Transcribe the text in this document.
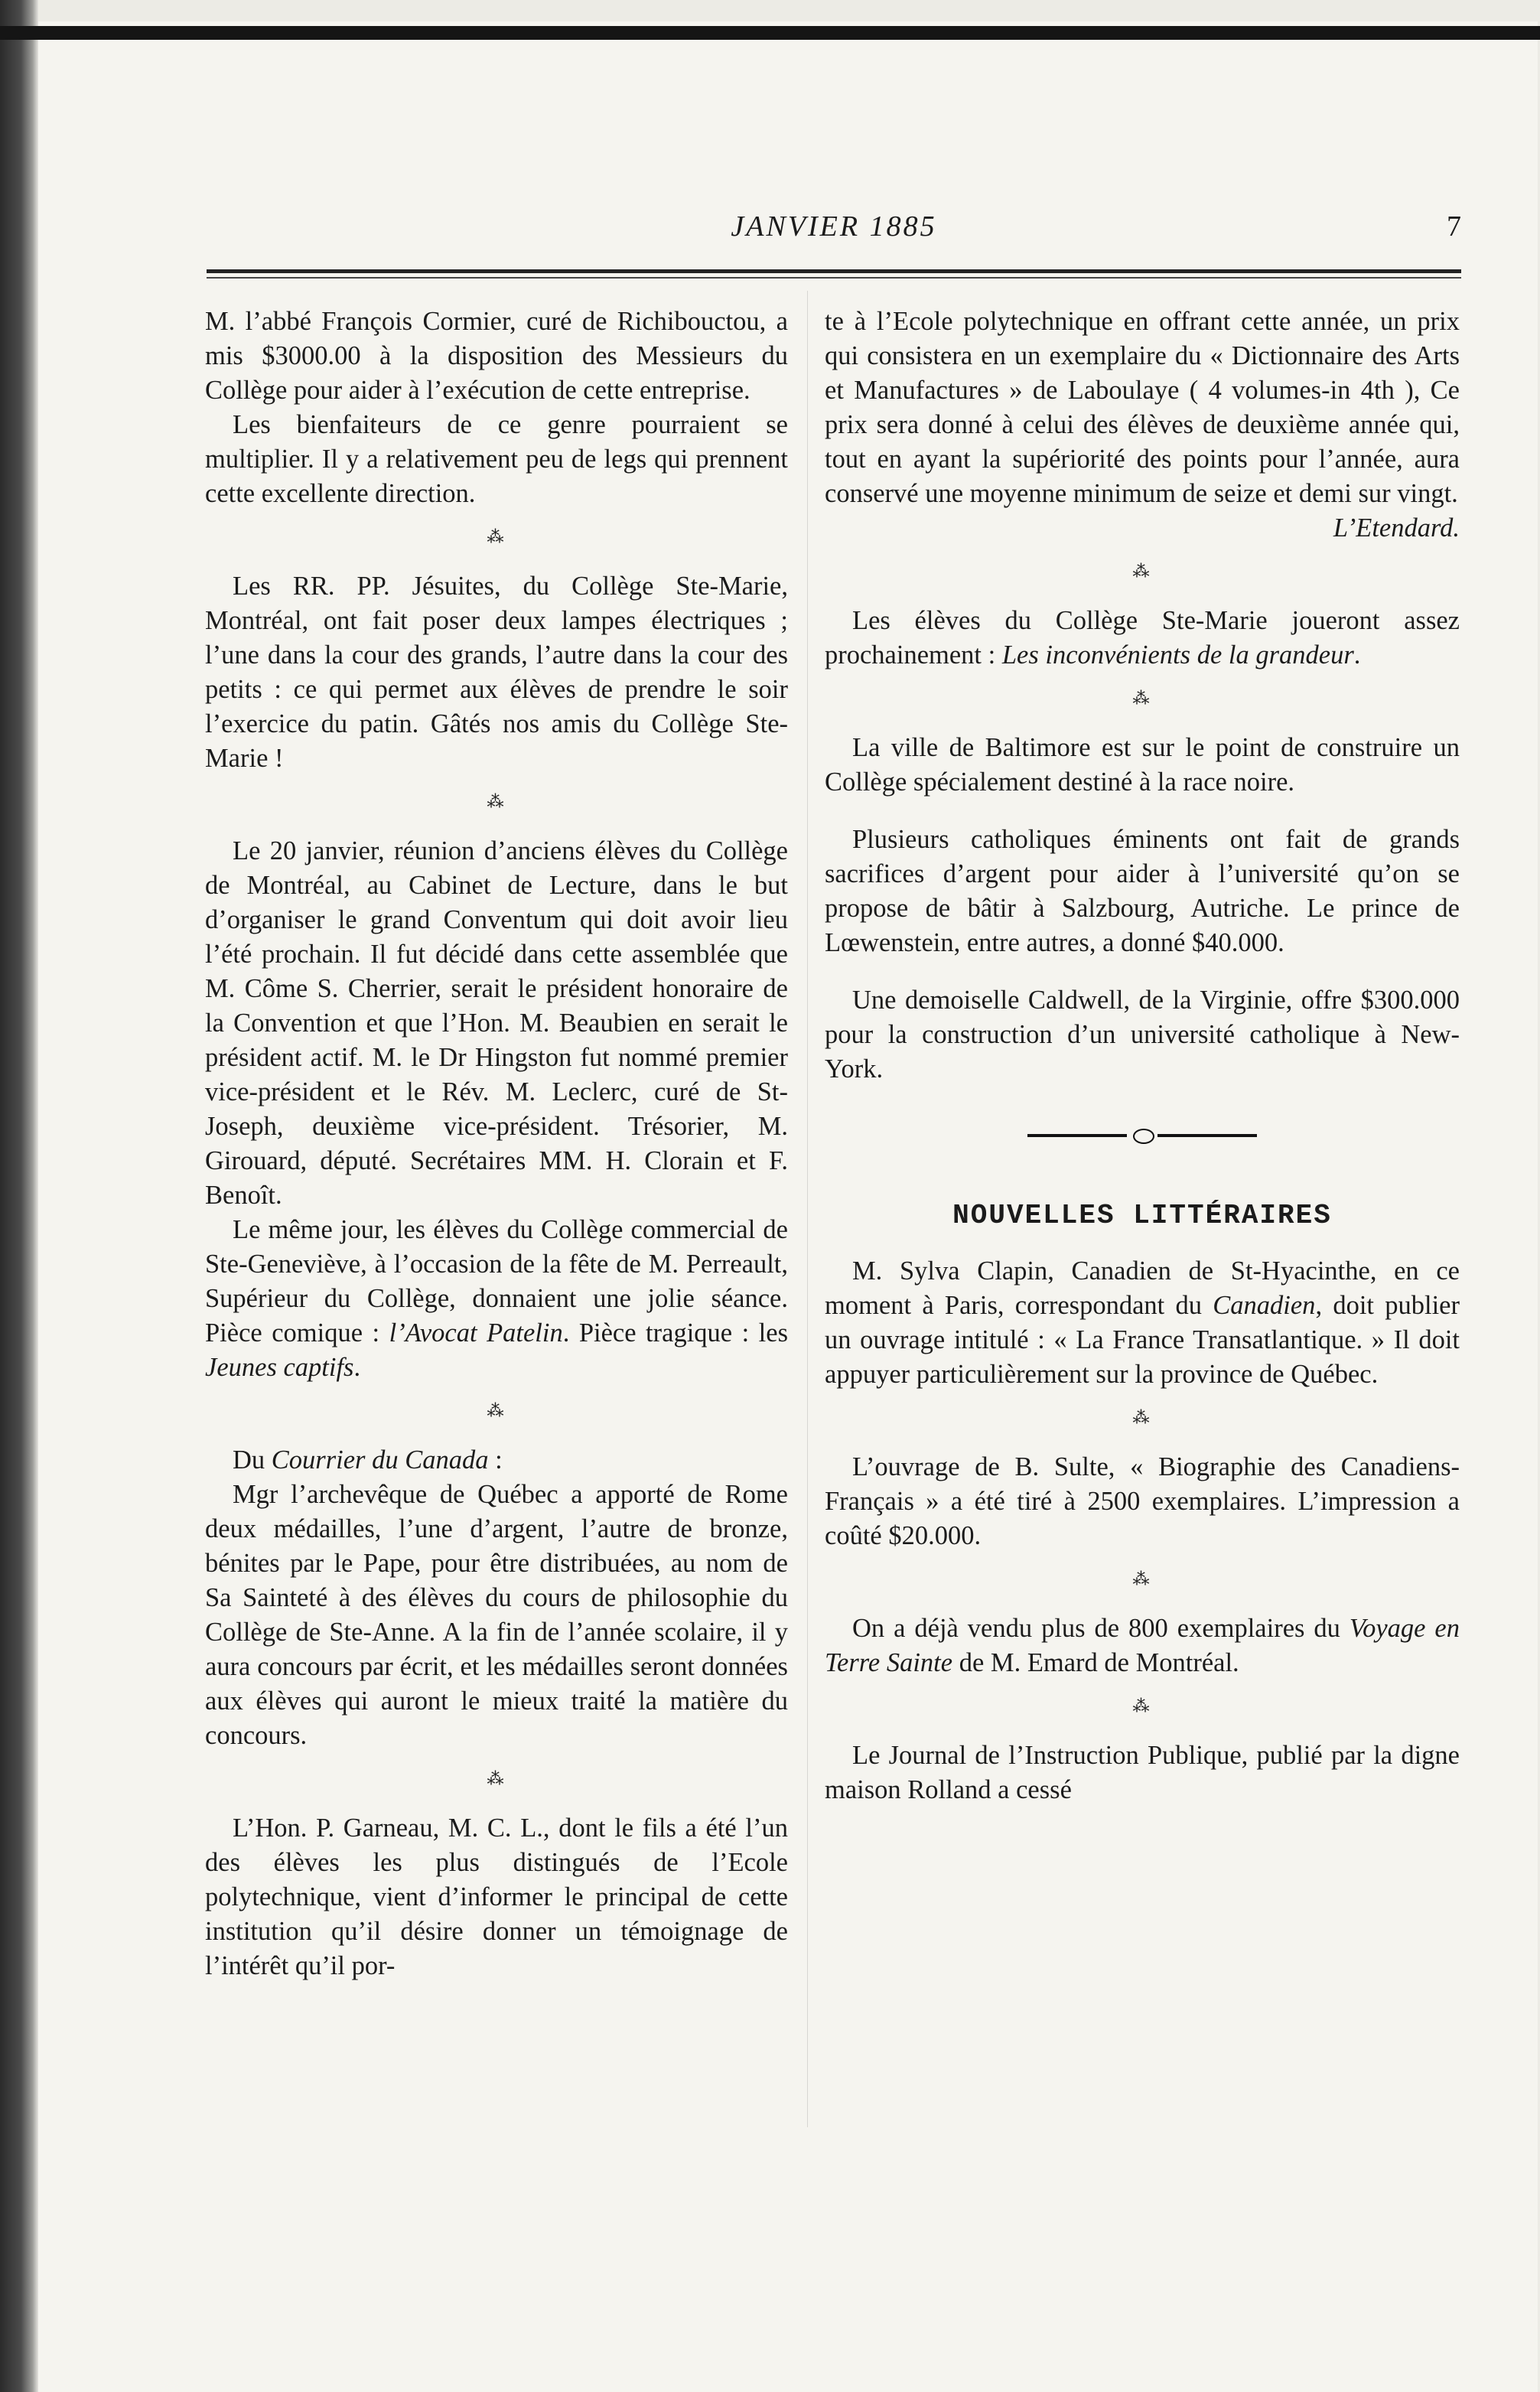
JANVIER 1885	7

M. l’abbé François Cormier, curé de Richibouctou, a mis $3000.00 à la disposition des Messieurs du Collège pour aider à l’exécution de cette entreprise.

Les bienfaiteurs de ce genre pourraient se multiplier. Il y a relativement peu de legs qui prennent cette excellente direction.

⁂

Les RR. PP. Jésuites, du Collège Ste-Marie, Montréal, ont fait poser deux lampes électriques ; l’une dans la cour des grands, l’autre dans la cour des petits : ce qui permet aux élèves de prendre le soir l’exercice du patin. Gâtés nos amis du Collège Ste-Marie !

⁂

Le 20 janvier, réunion d’anciens élèves du Collège de Montréal, au Cabinet de Lecture, dans le but d’organiser le grand Conventum qui doit avoir lieu l’été prochain. Il fut décidé dans cette assemblée que M. Côme S. Cherrier, serait le président honoraire de la Convention et que l’Hon. M. Beaubien en serait le président actif. M. le Dr Hingston fut nommé premier vice-président et le Rév. M. Leclerc, curé de St-Joseph, deuxième vice-président. Trésorier, M. Girouard, député. Secrétaires MM. H. Clorain et F. Benoît.

Le même jour, les élèves du Collège commercial de Ste-Geneviève, à l’occasion de la fête de M. Perreault, Supérieur du Collège, donnaient une jolie séance. Pièce comique : l’Avocat Patelin. Pièce tragique : les Jeunes captifs.

⁂

Du Courrier du Canada :

Mgr l’archevêque de Québec a apporté de Rome deux médailles, l’une d’argent, l’autre de bronze, bénites par le Pape, pour être distribuées, au nom de Sa Sainteté à des élèves du cours de philosophie du Collège de Ste-Anne. A la fin de l’année scolaire, il y aura concours par écrit, et les médailles seront données aux élèves qui auront le mieux traité la matière du concours.

⁂

L’Hon. P. Garneau, M. C. L., dont le fils a été l’un des élèves les plus distingués de l’Ecole polytechnique, vient d’informer le principal de cette institution qu’il désire donner un témoignage de l’intérêt qu’il por-

te à l’Ecole polytechnique en offrant cette année, un prix qui consistera en un exemplaire du « Dictionnaire des Arts et Manufactures » de Laboulaye ( 4 volumes-in 4th ), Ce prix sera donné à celui des élèves de deuxième année qui, tout en ayant la supériorité des points pour l’année, aura conservé une moyenne minimum de seize et demi sur vingt.

L’Etendard.

⁂

Les élèves du Collège Ste-Marie joueront assez prochainement : Les inconvénients de la grandeur.

⁂

La ville de Baltimore est sur le point de construire un Collège spécialement destiné à la race noire.

Plusieurs catholiques éminents ont fait de grands sacrifices d’argent pour aider à l’université qu’on se propose de bâtir à Salzbourg, Autriche. Le prince de Lœwenstein, entre autres, a donné $40.000.

Une demoiselle Caldwell, de la Virginie, offre $300.000 pour la construction d’un université catholique à New-York.

NOUVELLES LITTÉRAIRES

M. Sylva Clapin, Canadien de St-Hyacinthe, en ce moment à Paris, correspondant du Canadien, doit publier un ouvrage intitulé : « La France Transatlantique. » Il doit appuyer particulièrement sur la province de Québec.

⁂

L’ouvrage de B. Sulte, « Biographie des Canadiens-Français » a été tiré à 2500 exemplaires. L’impression a coûté $20.000.

⁂

On a déjà vendu plus de 800 exemplaires du Voyage en Terre Sainte de M. Emard de Montréal.

⁂

Le Journal de l’Instruction Publique, publié par la digne maison Rolland a cessé
